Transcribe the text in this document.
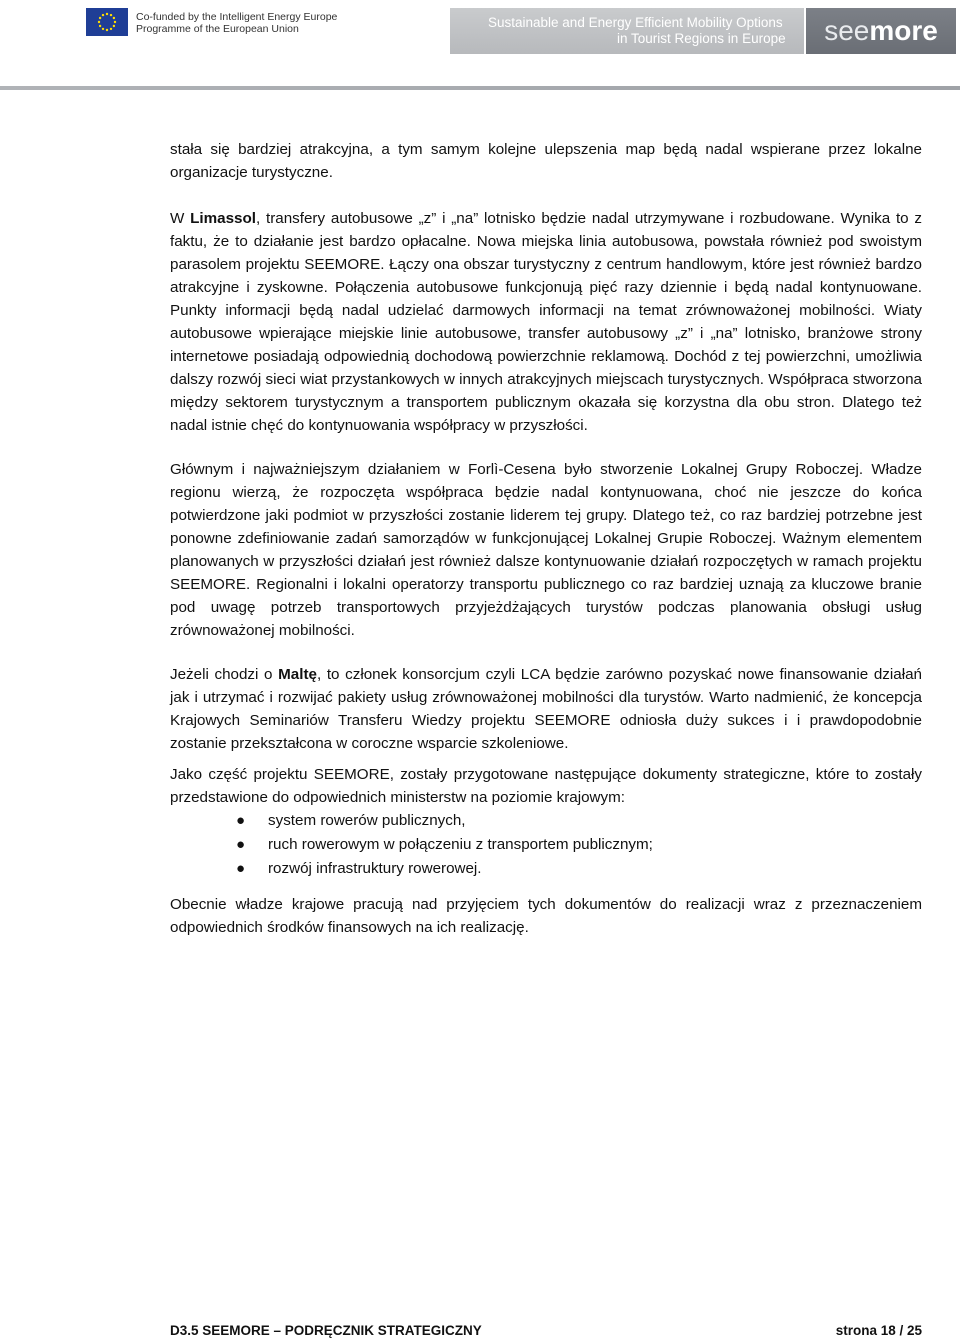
Co-funded by the Intelligent Energy Europe
Programme of the European Union	Sustainable and Energy Efficient Mobility Options
in Tourist Regions in Europe	seemore

stała się bardziej atrakcyjna, a tym samym kolejne ulepszenia map będą nadal wspierane przez lokalne organizacje turystyczne.

W Limassol, transfery autobusowe „z” i „na” lotnisko będzie nadal utrzymywane i rozbudowane. Wynika to z faktu, że to działanie jest bardzo opłacalne. Nowa miejska linia autobusowa, powstała również pod swoistym parasolem projektu SEEMORE. Łączy ona obszar turystyczny z centrum handlowym, które jest również bardzo atrakcyjne i zyskowne. Połączenia autobusowe funkcjonują pięć razy dziennie i będą nadal kontynuowane. Punkty informacji będą nadal udzielać darmowych informacji na temat zrównoważonej mobilności. Wiaty autobusowe wpierające miejskie linie autobusowe, transfer autobusowy „z” i „na” lotnisko, branżowe strony internetowe posiadają odpowiednią dochodową powierzchnie reklamową. Dochód z tej powierzchni, umożliwia dalszy rozwój sieci wiat przystankowych w innych atrakcyjnych miejscach turystycznych. Współpraca stworzona między sektorem turystycznym a transportem publicznym okazała się korzystna dla obu stron. Dlatego też nadal istnie chęć do kontynuowania współpracy w przyszłości.

Głównym i najważniejszym działaniem w Forlì-Cesena było stworzenie Lokalnej Grupy Roboczej. Władze regionu wierzą, że rozpoczęta współpraca będzie nadal kontynuowana, choć nie jeszcze do końca potwierdzone jaki podmiot w przyszłości zostanie liderem tej grupy. Dlatego też, co raz bardziej potrzebne jest ponowne zdefiniowanie zadań samorządów w funkcjonującej Lokalnej Grupie Roboczej. Ważnym elementem planowanych w przyszłości działań jest również dalsze kontynuowanie działań rozpoczętych w ramach projektu SEEMORE. Regionalni i lokalni operatorzy transportu publicznego co raz bardziej uznają za kluczowe branie pod uwagę potrzeb transportowych przyjeżdżających turystów podczas planowania obsługi usług zrównoważonej mobilności.

Jeżeli chodzi o Maltę, to członek konsorcjum czyli LCA będzie zarówno pozyskać nowe finansowanie działań jak i utrzymać i rozwijać pakiety usług zrównoważonej mobilności dla turystów. Warto nadmienić, że koncepcja Krajowych Seminariów Transferu Wiedzy projektu SEEMORE odniosła duży sukces i i prawdopodobnie zostanie przekształcona w coroczne wsparcie szkoleniowe.

Jako część projektu SEEMORE, zostały przygotowane następujące dokumenty strategiczne, które to zostały przedstawione do odpowiednich ministerstw na poziomie krajowym:

● system rowerów publicznych,
● ruch rowerowym w połączeniu z transportem publicznym;
● rozwój infrastruktury rowerowej.

Obecnie władze krajowe pracują nad przyjęciem tych dokumentów do realizacji wraz z przeznaczeniem odpowiednich środków finansowych na ich realizację.

D3.5 SEEMORE – PODRĘCZNIK STRATEGICZNY	strona 18 / 25
